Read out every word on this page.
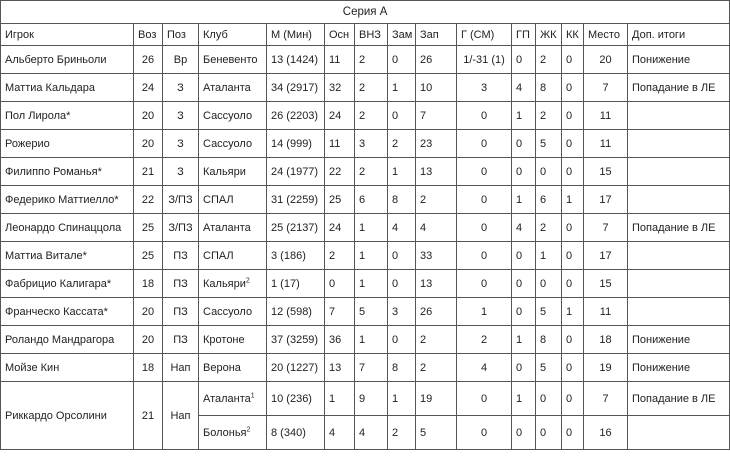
Серия A														
Игрок	Воз	Поз	Клуб	М (Мин)	Осн	ВНЗ	Зам	Зап	Г (СМ)	ГП	ЖК	КК	Место	Доп. итоги
Альберто Бриньоли	26	Вр	Беневенто	13 (1424)	11	2	0	26	1/-31 (1)	0	2	0	20	Понижение
Маттиа Кальдара	24	З	Аталанта	34 (2917)	32	2	1	10	3	4	8	0	7	Попадание в ЛЕ
Пол Лирола*	20	З	Сассуоло	26 (2203)	24	2	0	7	0	1	2	0	11	
Рожерио	20	З	Сассуоло	14 (999)	11	3	2	23	0	0	5	0	11	
Филиппо Романья*	21	З	Кальяри	24 (1977)	22	2	1	13	0	0	0	0	15	
Федерико Маттиелло*	22	З/ПЗ	СПАЛ	31 (2259)	25	6	8	2	0	1	6	1	17	
Леонардо Спинаццола	25	З/ПЗ	Аталанта	25 (2137)	24	1	4	4	0	4	2	0	7	Попадание в ЛЕ
Маттиа Витале*	25	ПЗ	СПАЛ	3 (186)	2	1	0	33	0	0	1	0	17	
Фабрицио Калигара*	18	ПЗ	Кальяри$^2$	1 (17)	0	1	0	13	0	0	0	0	15	
Франческо Кассата*	20	ПЗ	Сассуоло	12 (598)	7	5	3	26	1	0	5	1	11	
Роландо Мандрагора	20	ПЗ	Кротоне	37 (3259)	36	1	0	2	2	1	8	0	18	Понижение
Мойзе Кин	18	Нап	Верона	20 (1227)	13	7	8	2	4	0	5	0	19	Понижение
Риккардо Орсолини	21	Нап	Аталанта$^1$	10 (236)	1	9	1	19	0	1	0	0	7	Попадание в ЛЕ
			Болонья$^2$	8 (340)	4	4	2	5	0	0	0	0	16	
